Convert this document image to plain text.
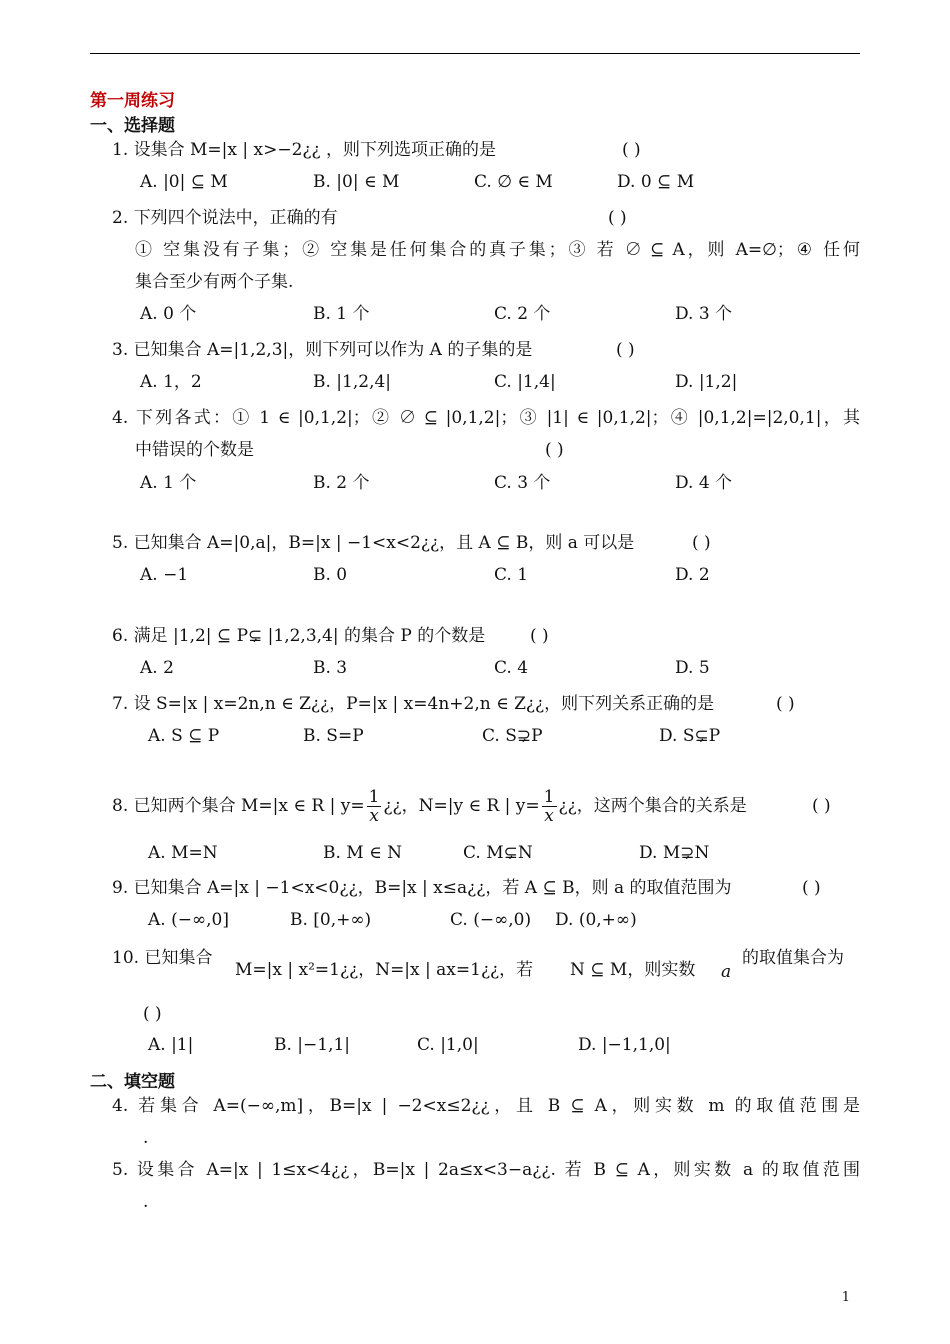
第一周练习
一、选择题
1. 设集合 M=|x | x>−2¿¿ ，则下列选项正确的是	( )
A. |0| ⊆ M	B. |0| ∈ M	C. ∅ ∈ M	D. 0 ⊆ M
2. 下列四个说法中，正确的有	( )
① 空集没有子集；② 空集是任何集合的真子集；③ 若 ∅ ⊆ A，则 A=∅；④ 任何
集合至少有两个子集.
A. 0 个	B. 1 个	C. 2 个	D. 3 个
3. 已知集合 A=|1,2,3|，则下列可以作为 A 的子集的是	( )
A. 1，2	B. |1,2,4|	C. |1,4|	D. |1,2|
4. 下列各式：① 1 ∈ |0,1,2|；② ∅ ⊆ |0,1,2|；③ |1| ∈ |0,1,2|；④ |0,1,2|=|2,0,1|，其
中错误的个数是	( )
A. 1 个	B. 2 个	C. 3 个	D. 4 个
5. 已知集合 A=|0,a|，B=|x | −1<x<2¿¿，且 A ⊆ B，则 a 可以是	( )
A. −1	B. 0	C. 1	D. 2
6. 满足 |1,2| ⊆ P⊊ |1,2,3,4| 的集合 P 的个数是	( )
A. 2	B. 3	C. 4	D. 5
7. 设 S=|x | x=2n,n ∈ Z¿¿，P=|x | x=4n+2,n ∈ Z¿¿，则下列关系正确的是	( )
A. S ⊆ P	B. S=P	C. S⊋P	D. S⊊P
8. 已知两个集合 M=|x ∈ R | $y= \frac{1}{x}$ ¿¿，N=|y ∈ R | $y= \frac{1}{x}$ ¿¿，这两个集合的关系是	( )
A. M=N	B. M ∈ N	C. M⊊N	D. M⊋N
9. 已知集合 A=|x | −1<x<0¿¿，B=|x | x≤a¿¿，若 A ⊆ B，则 a 的取值范围为	( )
A. (−∞,0]	B. [0,+∞)	C. (−∞,0) D. (0,+∞)
10. 已知集合
M=|x | x²=1¿¿，N=|x | ax=1¿¿，若 N ⊆ M，则实数 a
的取值集合为
( )
A. |1|	B. |−1,1|	C. |1,0|	D. |−1,1,0|
二、填空题
4. 若集合 A=(−∞,m]，B=|x | −2<x≤2¿¿，且 B ⊆ A，则实数 m 的取值范围是
.
5. 设集合 A=|x | 1≤x<4¿¿，B=|x | 2a≤x<3−a¿¿. 若 B ⊆ A，则实数 a 的取值范围
.
1
